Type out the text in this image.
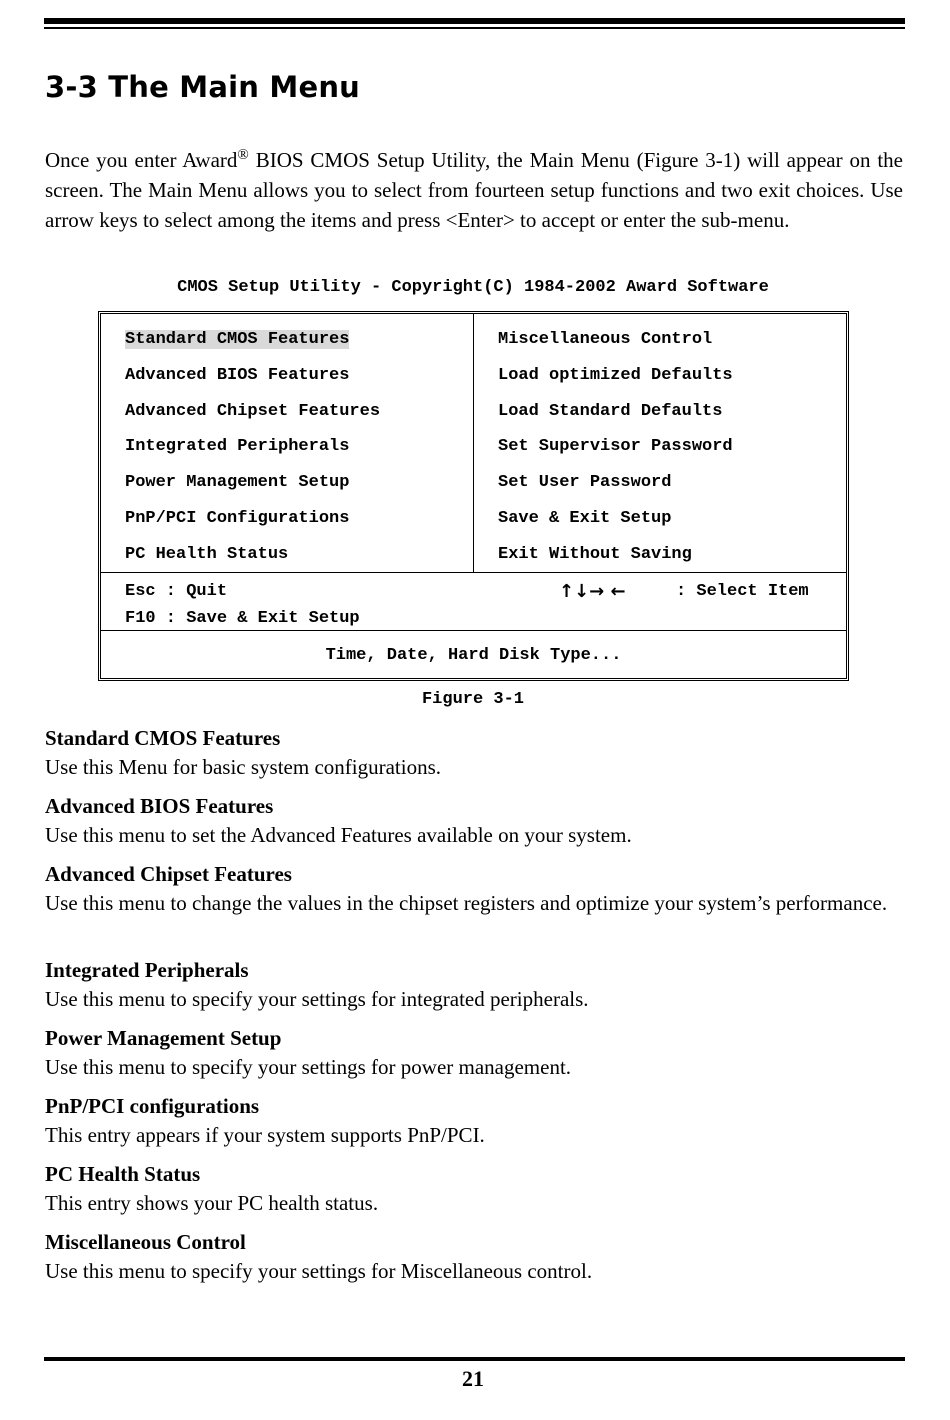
3-3 The Main Menu
Once you enter Award® BIOS CMOS Setup Utility, the Main Menu (Figure 3-1) will appear on the screen. The Main Menu allows you to select from fourteen setup functions and two exit choices. Use arrow keys to select among the items and press <Enter> to accept or enter the sub-menu.
CMOS Setup Utility - Copyright(C) 1984-2002 Award Software
Standard CMOS Features
Advanced BIOS Features
Advanced Chipset Features
Integrated Peripherals
Power Management Setup
PnP/PCI Configurations
PC Health Status
Miscellaneous Control
Load optimized Defaults
Load Standard Defaults
Set Supervisor Password
Set User Password
Save & Exit Setup
Exit Without Saving
Esc : Quit
F10 : Save & Exit Setup
↑↓→ ←	: Select Item
Time, Date, Hard Disk Type...
Figure 3-1
Standard CMOS Features
Use this Menu for basic system configurations.
Advanced BIOS Features
Use this menu to set the Advanced Features available on your system.
Advanced Chipset Features
Use this menu to change the values in the chipset registers and optimize your system’s performance.
Integrated Peripherals
Use this menu to specify your settings for integrated peripherals.
Power Management Setup
Use this menu to specify your settings for power management.
PnP/PCI configurations
This entry appears if your system supports PnP/PCI.
PC Health Status
This entry shows your PC health status.
Miscellaneous Control
Use this menu to specify your settings for Miscellaneous control.
21
